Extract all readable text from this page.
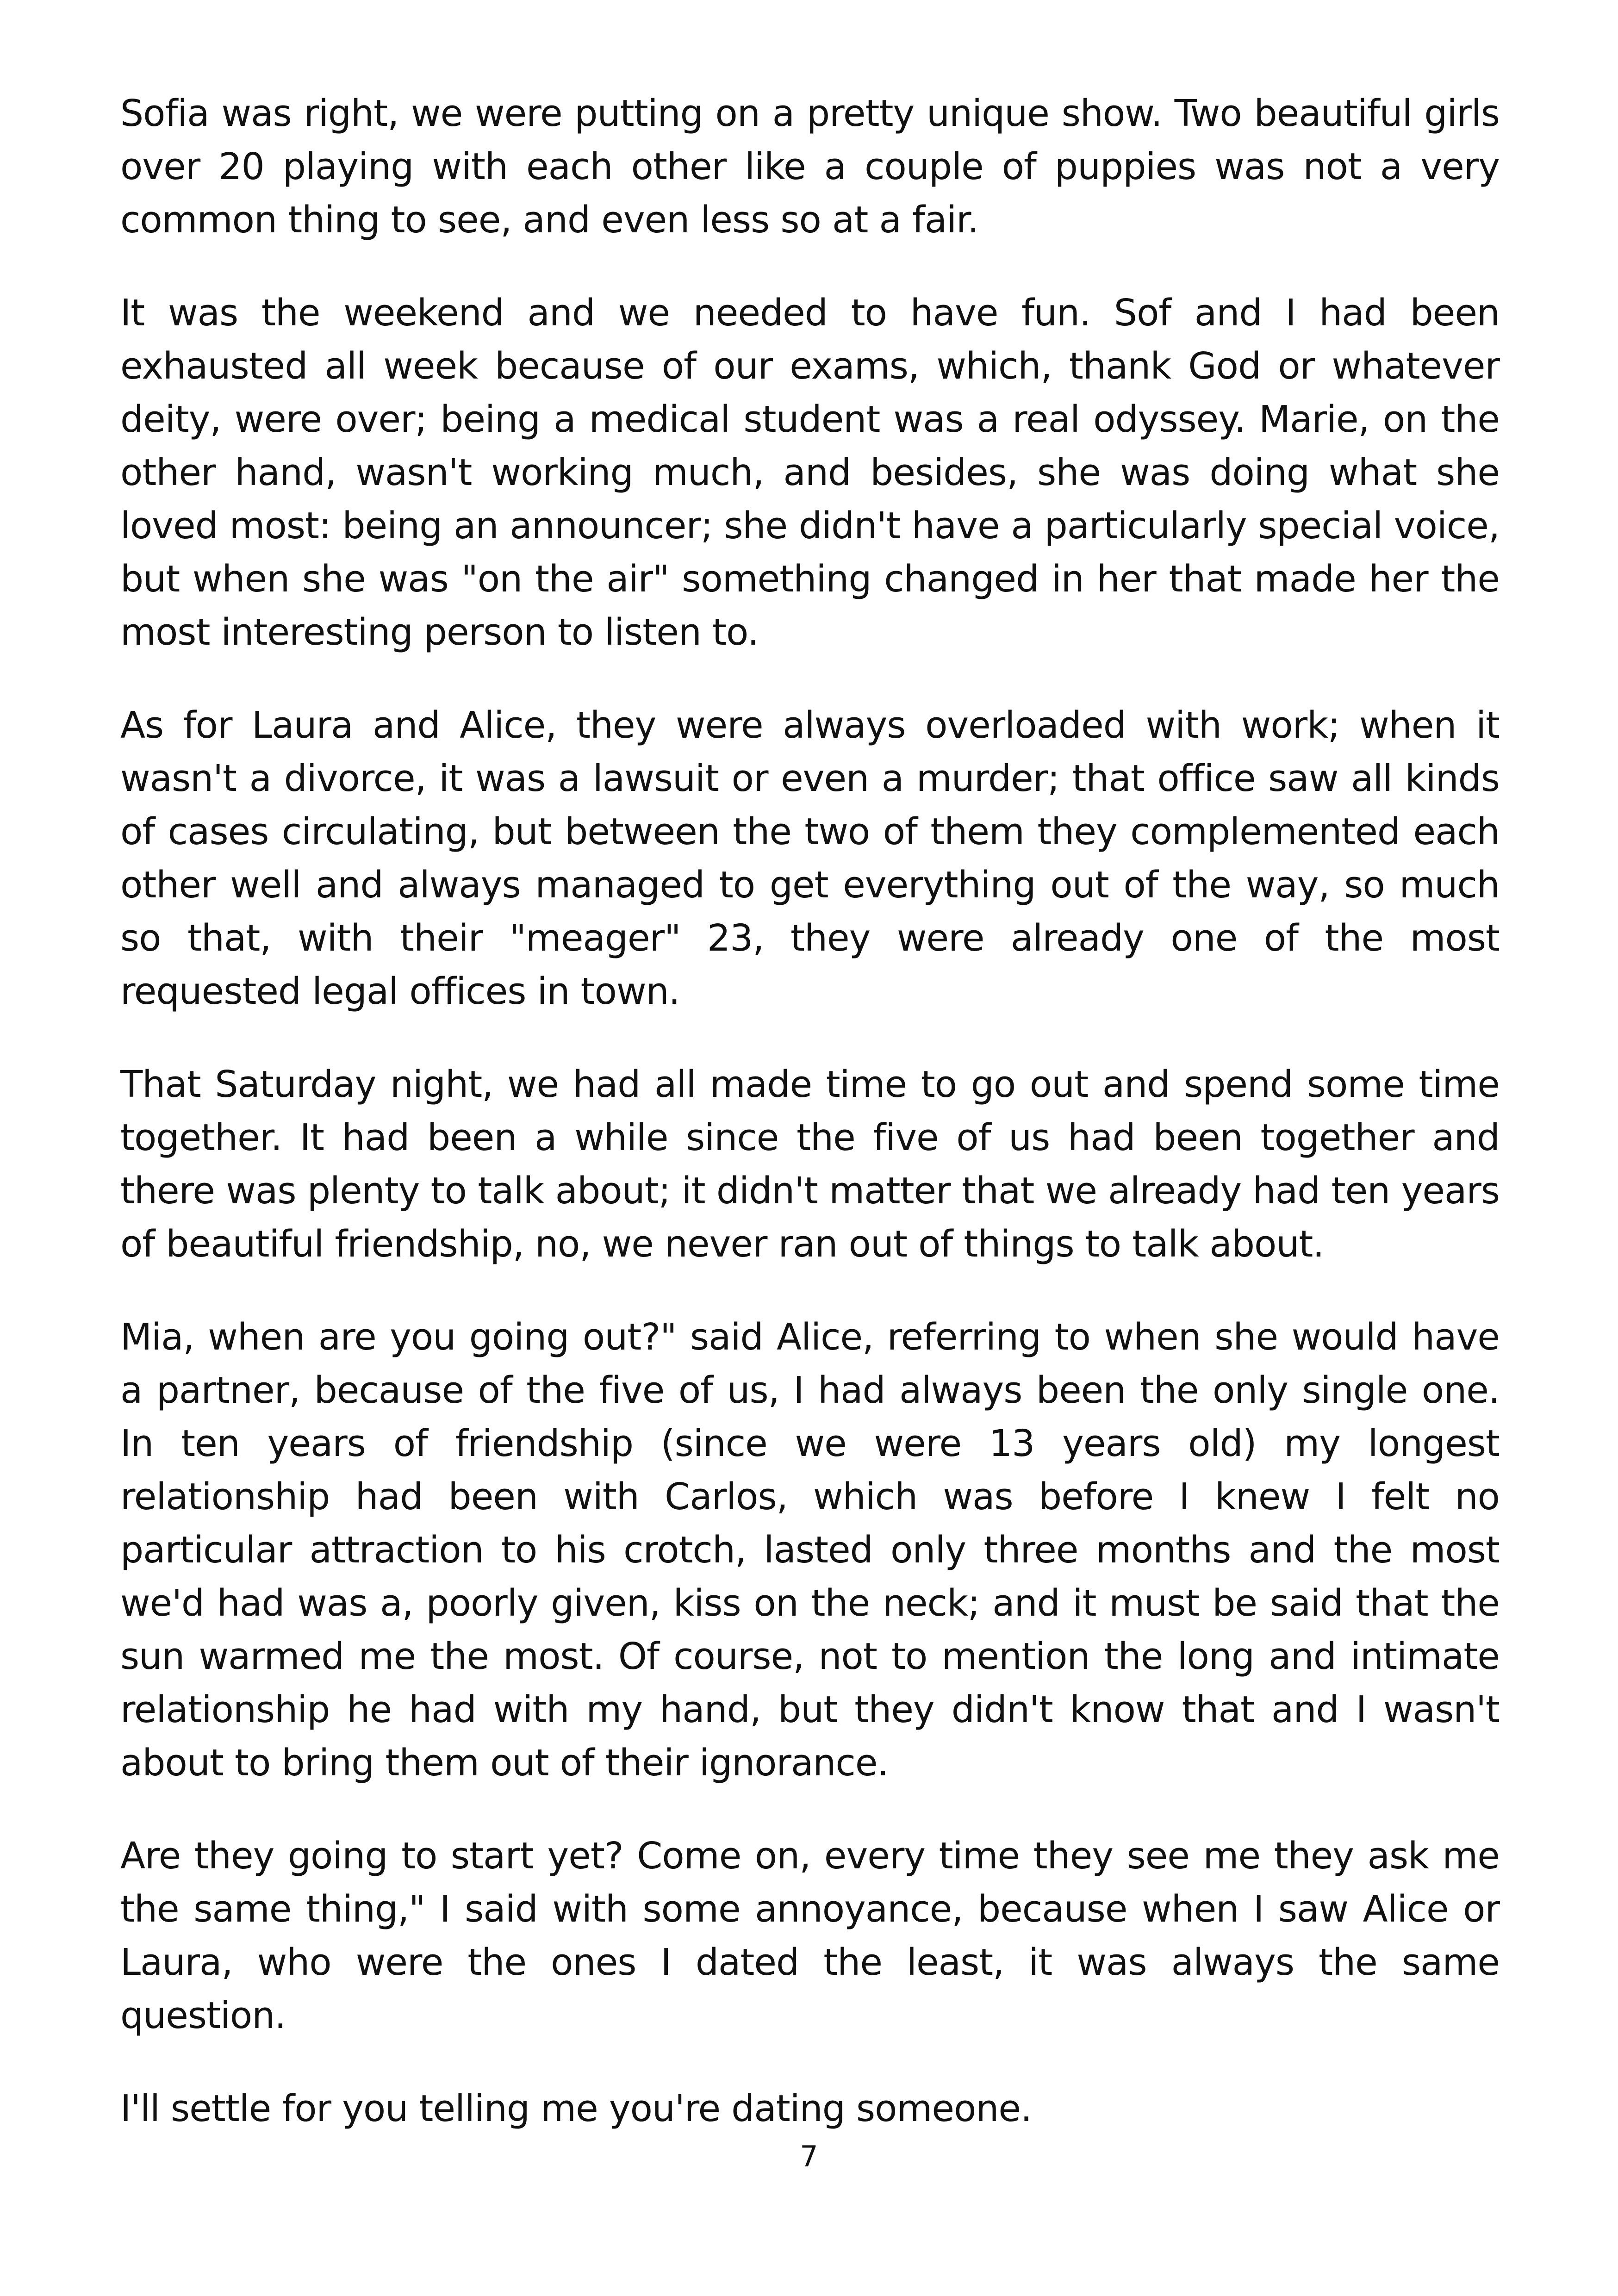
Sofia was right, we were putting on a pretty unique show. Two beautiful girls over 20 playing with each other like a couple of puppies was not a very common thing to see, and even less so at a fair.

It was the weekend and we needed to have fun. Sof and I had been exhausted all week because of our exams, which, thank God or whatever deity, were over; being a medical student was a real odyssey. Marie, on the other hand, wasn't working much, and besides, she was doing what she loved most: being an announcer; she didn't have a particularly special voice, but when she was "on the air" something changed in her that made her the most interesting person to listen to.

As for Laura and Alice, they were always overloaded with work; when it wasn't a divorce, it was a lawsuit or even a murder; that office saw all kinds of cases circulating, but between the two of them they complemented each other well and always managed to get everything out of the way, so much so that, with their "meager" 23, they were already one of the most requested legal offices in town.

That Saturday night, we had all made time to go out and spend some time together. It had been a while since the five of us had been together and there was plenty to talk about; it didn't matter that we already had ten years of beautiful friendship, no, we never ran out of things to talk about.

Mia, when are you going out?" said Alice, referring to when she would have a partner, because of the five of us, I had always been the only single one. In ten years of friendship (since we were 13 years old) my longest relationship had been with Carlos, which was before I knew I felt no particular attraction to his crotch, lasted only three months and the most we'd had was a, poorly given, kiss on the neck; and it must be said that the sun warmed me the most. Of course, not to mention the long and intimate relationship he had with my hand, but they didn't know that and I wasn't about to bring them out of their ignorance.

Are they going to start yet? Come on, every time they see me they ask me the same thing," I said with some annoyance, because when I saw Alice or Laura, who were the ones I dated the least, it was always the same question.

I'll settle for you telling me you're dating someone.

7
